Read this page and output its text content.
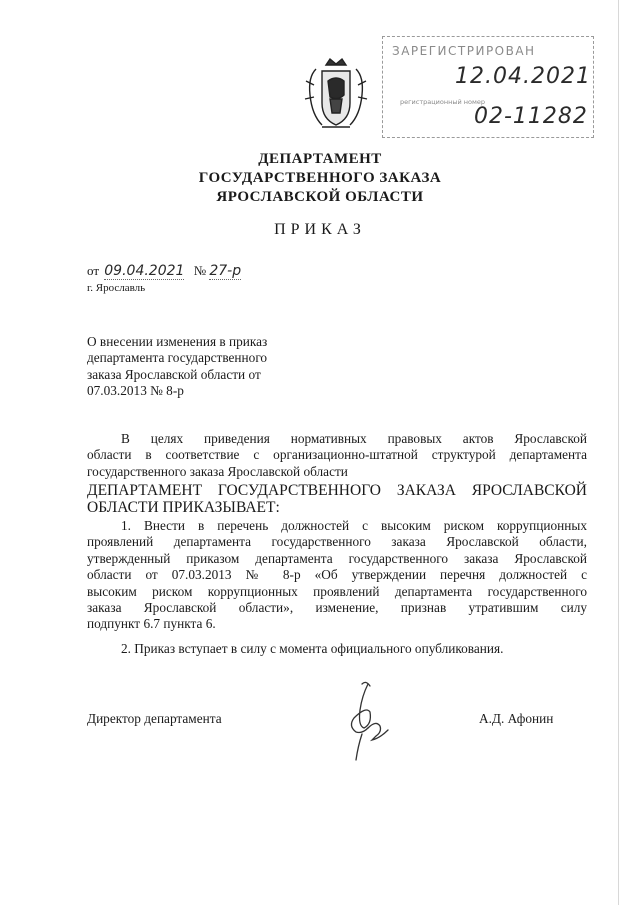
ЗАРЕГИСТРИРОВАН
12.04.2021
регистрационный номер
02-11282
ДЕПАРТАМЕНТ
ГОСУДАРСТВЕННОГО ЗАКАЗА
ЯРОСЛАВСКОЙ ОБЛАСТИ
ПРИКАЗ
от 09.04.2021 № 27-р
г. Ярославль
О внесении изменения в приказ
департамента государственного
заказа Ярославской области от
07.03.2013 № 8-р
В целях приведения нормативных правовых актов Ярославской
области в соответствие с организационно-штатной структурой департамента
государственного заказа Ярославской области
ДЕПАРТАМЕНТ ГОСУДАРСТВЕННОГО ЗАКАЗА ЯРОСЛАВСКОЙ
ОБЛАСТИ ПРИКАЗЫВАЕТ:
1. Внести в перечень должностей с высоким риском коррупционных
проявлений департамента государственного заказа Ярославской области,
утвержденный приказом департамента государственного заказа Ярославской
области от 07.03.2013 № 8-р «Об утверждении перечня должностей с
высоким риском коррупционных проявлений департамента государственного
заказа Ярославской области», изменение, признав утратившим силу
подпункт 6.7 пункта 6.
2. Приказ вступает в силу с момента официального опубликования.
Директор департамента	А.Д. Афонин
